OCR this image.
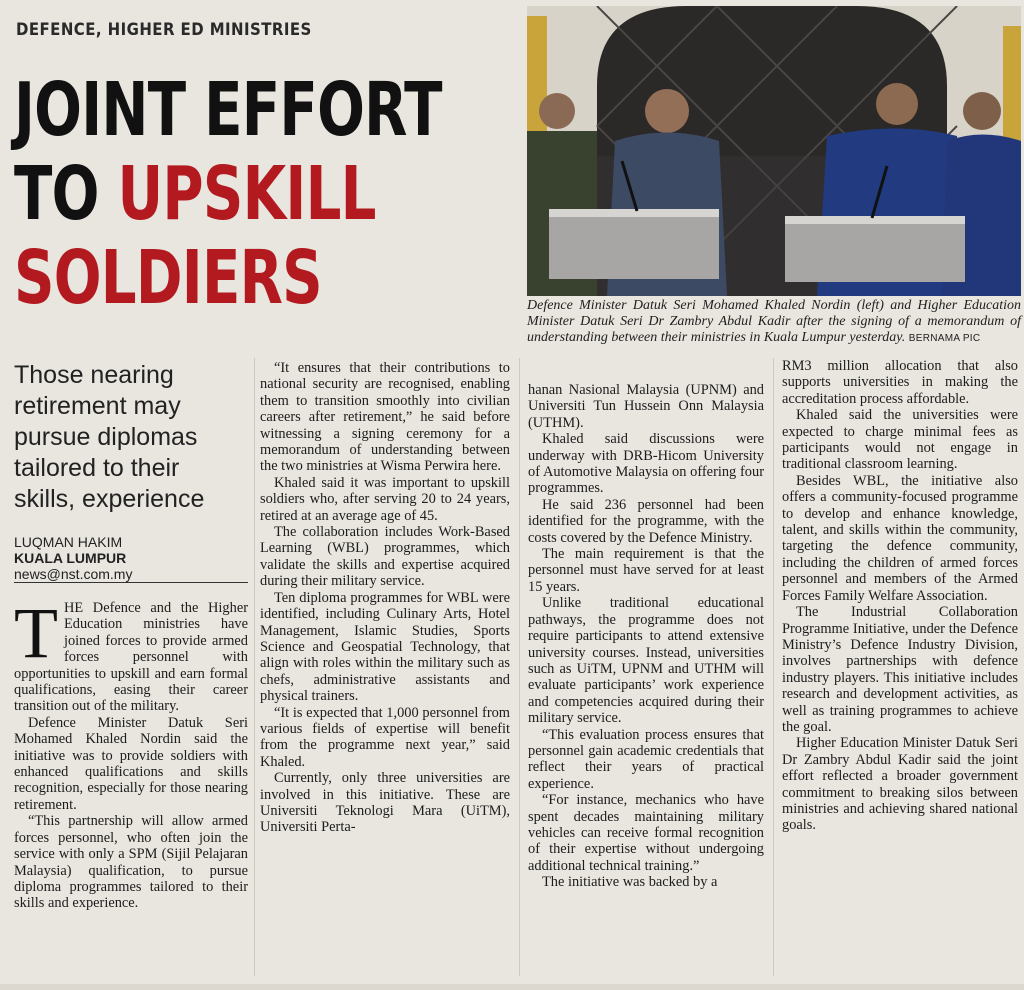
DEFENCE, HIGHER ED MINISTRIES
JOINT EFFORT
TO UPSKILL
SOLDIERS
Those nearing retirement may pursue diplomas tailored to their skills, experience
LUQMAN HAKIM
KUALA LUMPUR
news@nst.com.my
Defence Minister Datuk Seri Mohamed Khaled Nordin (left) and Higher Education Minister Datuk Seri Dr Zambry Abdul Kadir after the signing of a memorandum of understanding between their ministries in Kuala Lumpur yesterday. BERNAMA PIC

THE Defence and the Higher Education ministries have joined forces to provide armed forces personnel with opportunities to upskill and earn formal qualifications, easing their career transition out of the military.

Defence Minister Datuk Seri Mohamed Khaled Nordin said the initiative was to provide soldiers with enhanced qualifications and skills recognition, especially for those nearing retirement.

“This partnership will allow armed forces personnel, who often join the service with only a SPM (Sijil Pelajaran Malaysia) qualification, to pursue diploma programmes tailored to their skills and experience.

“It ensures that their contributions to national security are recognised, enabling them to transition smoothly into civilian careers after retirement,” he said before witnessing a signing ceremony for a memorandum of understanding between the two ministries at Wisma Perwira here.

Khaled said it was important to upskill soldiers who, after serving 20 to 24 years, retired at an average age of 45.

The collaboration includes Work-Based Learning (WBL) programmes, which validate the skills and expertise acquired during their military service.

Ten diploma programmes for WBL were identified, including Culinary Arts, Hotel Management, Islamic Studies, Sports Science and Geospatial Technology, that align with roles within the military such as chefs, administrative assistants and physical trainers.

“It is expected that 1,000 personnel from various fields of expertise will benefit from the programme next year,” said Khaled.

Currently, only three universities are involved in this initiative. These are Universiti Teknologi Mara (UiTM), Universiti Perta-

hanan Nasional Malaysia (UPNM) and Universiti Tun Hussein Onn Malaysia (UTHM).

Khaled said discussions were underway with DRB-Hicom University of Automotive Malaysia on offering four programmes.

He said 236 personnel had been identified for the programme, with the costs covered by the Defence Ministry.

The main requirement is that the personnel must have served for at least 15 years.

Unlike traditional educational pathways, the programme does not require participants to attend extensive university courses. Instead, universities such as UiTM, UPNM and UTHM will evaluate participants’ work experience and competencies acquired during their military service.

“This evaluation process ensures that personnel gain academic credentials that reflect their years of practical experience.

“For instance, mechanics who have spent decades maintaining military vehicles can receive formal recognition of their expertise without undergoing additional technical training.”

The initiative was backed by a

RM3 million allocation that also supports universities in making the accreditation process affordable.

Khaled said the universities were expected to charge minimal fees as participants would not engage in traditional classroom learning.

Besides WBL, the initiative also offers a community-focused programme to develop and enhance knowledge, talent, and skills within the community, targeting the defence community, including the children of armed forces personnel and members of the Armed Forces Family Welfare Association.

The Industrial Collaboration Programme Initiative, under the Defence Ministry’s Defence Industry Division, involves partnerships with defence industry players. This initiative includes research and development activities, as well as training programmes to achieve the goal.

Higher Education Minister Datuk Seri Dr Zambry Abdul Kadir said the joint effort reflected a broader government commitment to breaking silos between ministries and achieving shared national goals.
